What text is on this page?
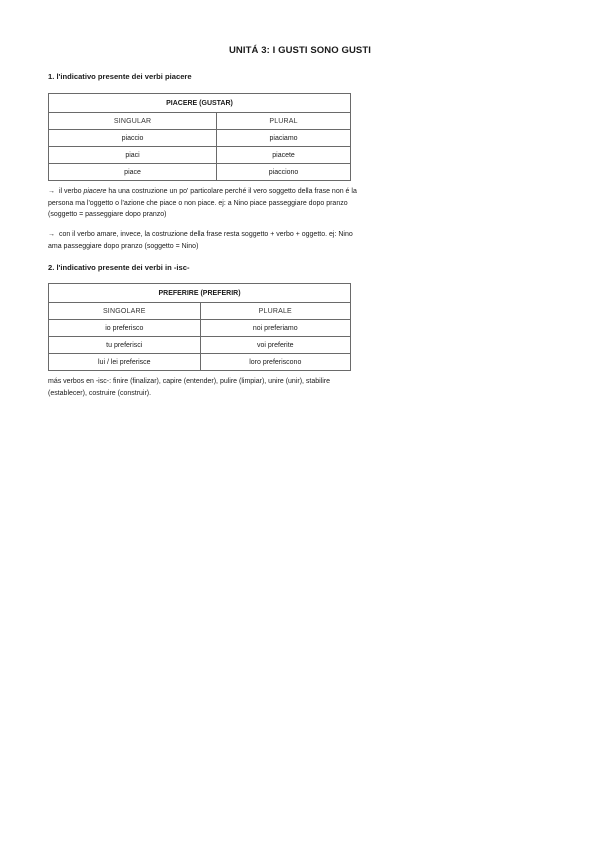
UNITÁ 3: I GUSTI SONO GUSTI
1. l'indicativo presente dei verbi piacere
PIACERE (GUSTAR)	
SINGULAR	PLURAL
piaccio	piaciamo
piaci	piacete
piace	piacciono
→ il verbo piacere ha una costruzione un po' particolare perché il vero soggetto della frase non é la persona ma l'oggetto o l'azione che piace o non piace. ej: a Nino piace passeggiare dopo pranzo (soggetto = passeggiare dopo pranzo)
→ con il verbo amare, invece, la costruzione della frase resta soggetto + verbo + oggetto. ej: Nino ama passeggiare dopo pranzo (soggetto = Nino)
2. l'indicativo presente dei verbi in -isc-
PREFERIRE (PREFERIR)	
SINGOLARE	PLURALE
io preferisco	noi preferiamo
tu preferisci	voi preferite
lui / lei preferisce	loro preferiscono
más verbos en -isc-: finire (finalizar), capire (entender), pulire (limpiar), unire (unir), stabilire (establecer), costruire (construir).
